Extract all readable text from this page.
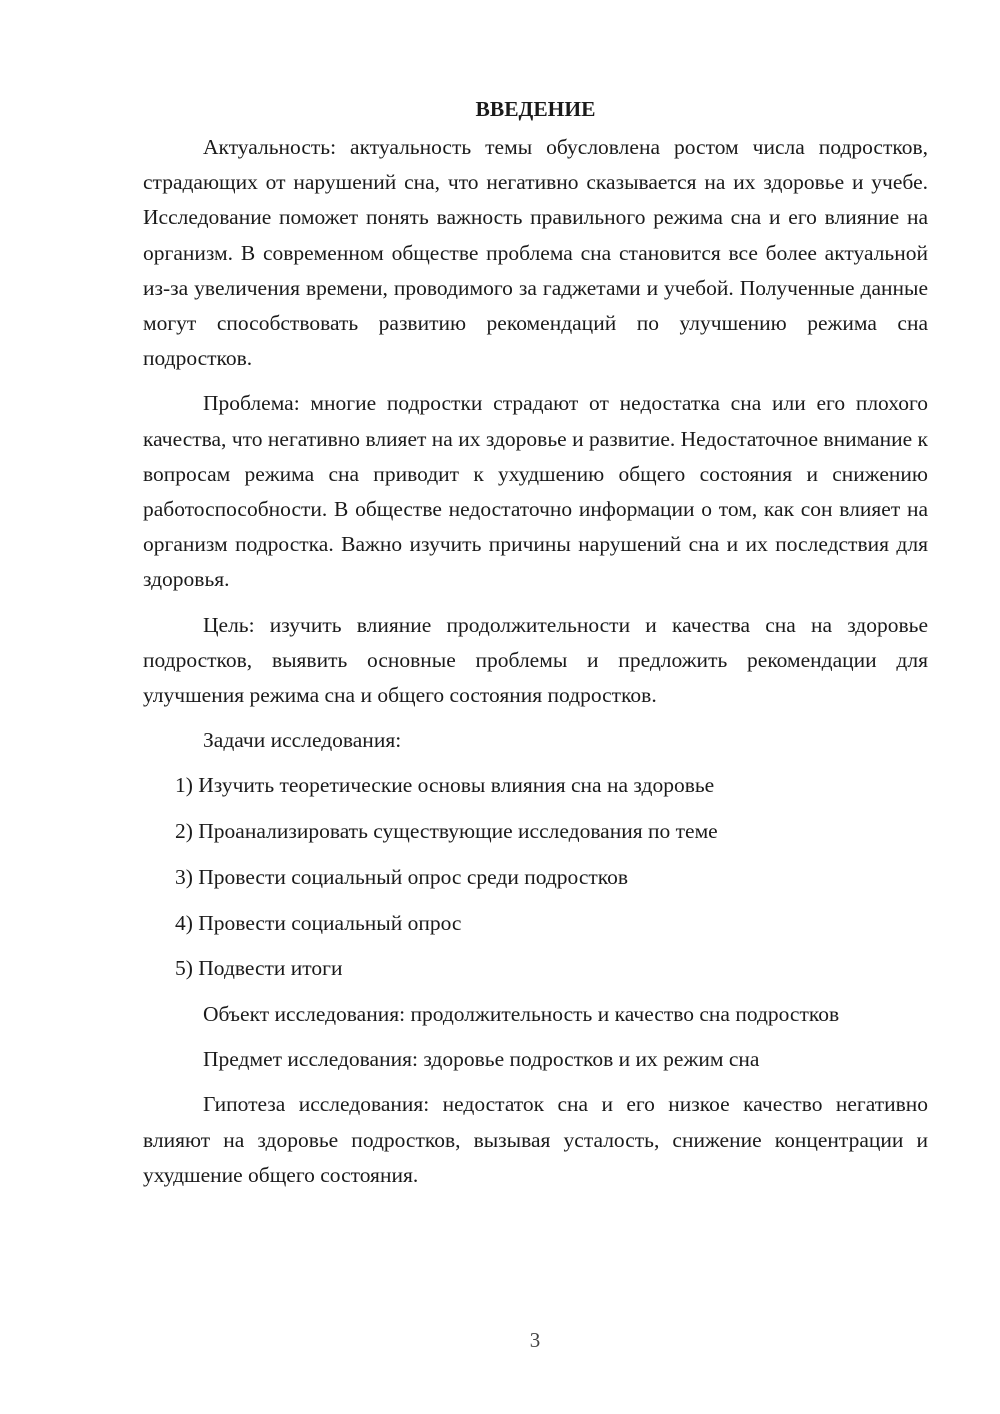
ВВЕДЕНИЕ

Актуальность: актуальность темы обусловлена ростом числа подростков, страдающих от нарушений сна, что негативно сказывается на их здоровье и учебе. Исследование поможет понять важность правильного режима сна и его влияние на организм. В современном обществе проблема сна становится все более актуальной из-за увеличения времени, проводимого за гаджетами и учебой. Полученные данные могут способствовать развитию рекомендаций по улучшению режима сна подростков.

Проблема: многие подростки страдают от недостатка сна или его плохого качества, что негативно влияет на их здоровье и развитие. Недостаточное внимание к вопросам режима сна приводит к ухудшению общего состояния и снижению работоспособности. В обществе недостаточно информации о том, как сон влияет на организм подростка. Важно изучить причины нарушений сна и их последствия для здоровья.

Цель: изучить влияние продолжительности и качества сна на здоровье подростков, выявить основные проблемы и предложить рекомендации для улучшения режима сна и общего состояния подростков.

Задачи исследования:

1) Изучить теоретические основы влияния сна на здоровье
2) Проанализировать существующие исследования по теме
3) Провести социальный опрос среди подростков
4) Провести социальный опрос
5) Подвести итоги

Объект исследования: продолжительность и качество сна подростков

Предмет исследования: здоровье подростков и их режим сна

Гипотеза исследования: недостаток сна и его низкое качество негативно влияют на здоровье подростков, вызывая усталость, снижение концентрации и ухудшение общего состояния.

3
